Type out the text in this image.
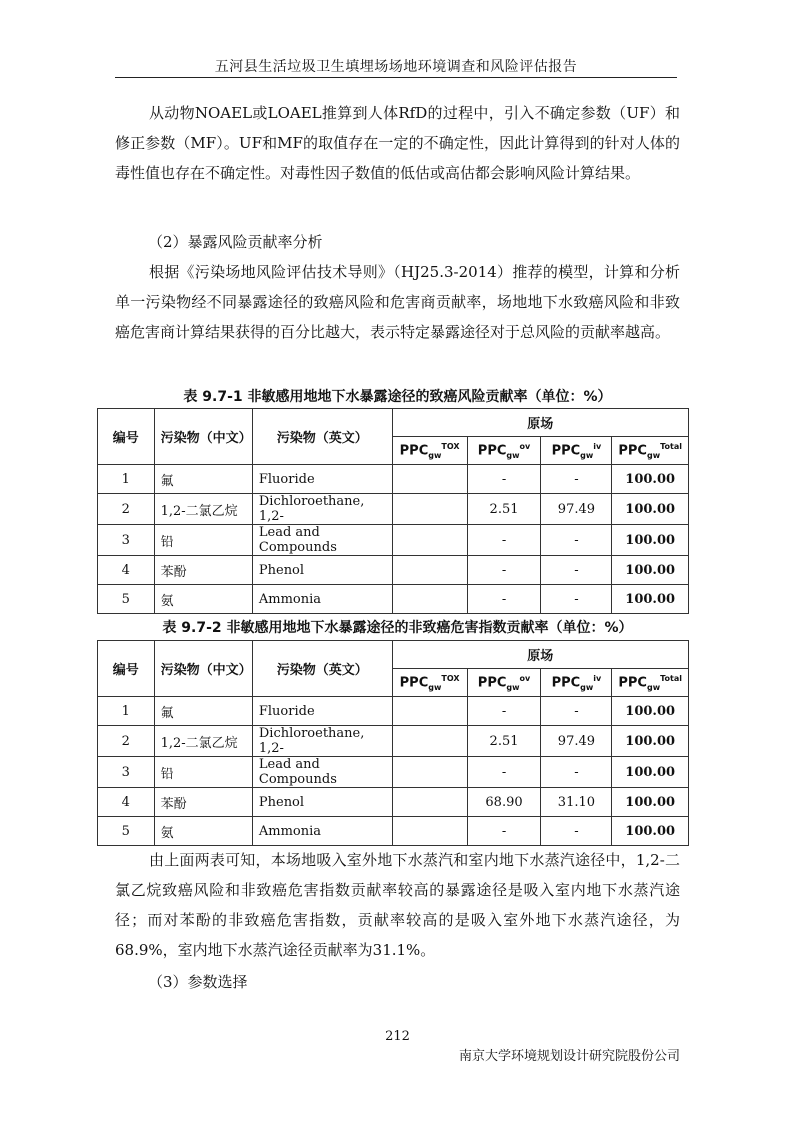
五河县生活垃圾卫生填埋场场地环境调查和风险评估报告

从动物NOAEL或LOAEL推算到人体RfD的过程中，引入不确定参数（UF）和修正参数（MF）。UF和MF的取值存在一定的不确定性，因此计算得到的针对人体的毒性值也存在不确定性。对毒性因子数值的低估或高估都会影响风险计算结果。

（2）暴露风险贡献率分析

根据《污染场地风险评估技术导则》（HJ25.3-2014）推荐的模型，计算和分析单一污染物经不同暴露途径的致癌风险和危害商贡献率，场地地下水致癌风险和非致癌危害商计算结果获得的百分比越大，表示特定暴露途径对于总风险的贡献率越高。

表 9.7-1 非敏感用地地下水暴露途径的致癌风险贡献率（单位：%）

编号	污染物（中文）	污染物（英文）	原场			
			$PPC_{gw}^{TOX}$	$PPC_{gw}^{ov}$	$PPC_{gw}^{iv}$	$PPC_{gw}^{Total}$
1	氟	Fluoride		-	-	100.00
2	1,2-二氯乙烷	Dichloroethane, 1,2-		2.51	97.49	100.00
3	铅	Lead and Compounds		-	-	100.00
4	苯酚	Phenol		-	-	100.00
5	氨	Ammonia		-	-	100.00

表 9.7-2 非敏感用地地下水暴露途径的非致癌危害指数贡献率（单位：%）

编号	污染物（中文）	污染物（英文）	原场			
			$PPC_{gw}^{TOX}$	$PPC_{gw}^{ov}$	$PPC_{gw}^{iv}$	$PPC_{gw}^{Total}$
1	氟	Fluoride		-	-	100.00
2	1,2-二氯乙烷	Dichloroethane, 1,2-		2.51	97.49	100.00
3	铅	Lead and Compounds		-	-	100.00
4	苯酚	Phenol		68.90	31.10	100.00
5	氨	Ammonia		-	-	100.00

由上面两表可知，本场地吸入室外地下水蒸汽和室内地下水蒸汽途径中，1,2-二氯乙烷致癌风险和非致癌危害指数贡献率较高的暴露途径是吸入室内地下水蒸汽途径；而对苯酚的非致癌危害指数，贡献率较高的是吸入室外地下水蒸汽途径，为68.9%，室内地下水蒸汽途径贡献率为31.1%。

（3）参数选择

212
南京大学环境规划设计研究院股份公司
